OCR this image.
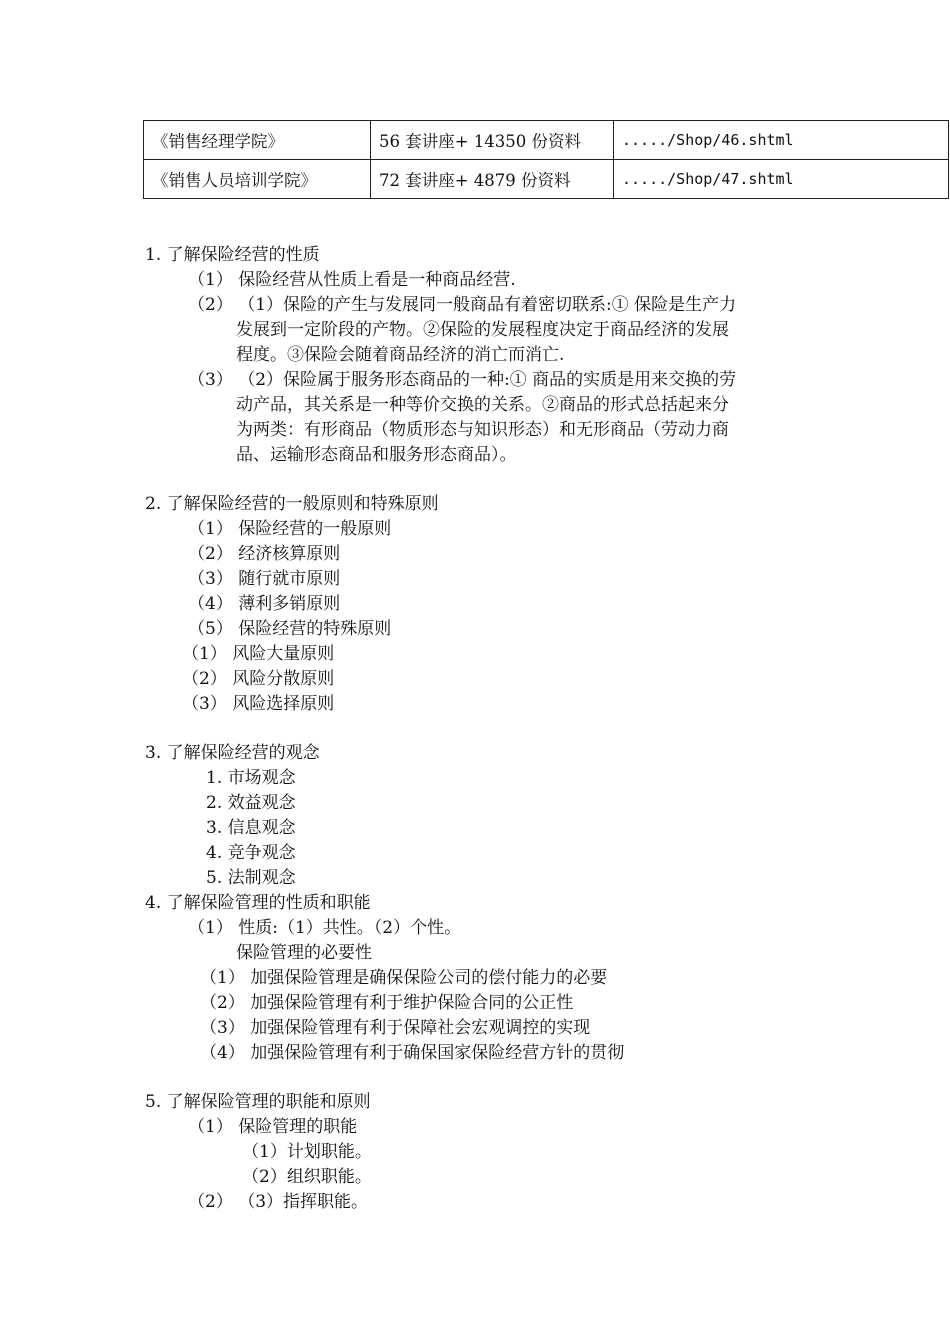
《销售经理学院》	56 套讲座+ 14350 份资料	...../Shop/46.shtml
《销售人员培训学院》	72 套讲座+ 4879 份资料	...../Shop/47.shtml
1. 了解保险经营的性质
（1） 保险经营从性质上看是一种商品经营.
（2） （1）保险的产生与发展同一般商品有着密切联系:① 保险是生产力
发展到一定阶段的产物。②保险的发展程度决定于商品经济的发展
程度。③保险会随着商品经济的消亡而消亡.
（3） （2）保险属于服务形态商品的一种:① 商品的实质是用来交换的劳
动产品，其关系是一种等价交换的关系。②商品的形式总括起来分
为两类：有形商品（物质形态与知识形态）和无形商品（劳动力商
品、运输形态商品和服务形态商品）。
2. 了解保险经营的一般原则和特殊原则
（1） 保险经营的一般原则
（2） 经济核算原则
（3） 随行就市原则
（4） 薄利多销原则
（5） 保险经营的特殊原则
（1） 风险大量原则
（2） 风险分散原则
（3） 风险选择原则
3. 了解保险经营的观念
1. 市场观念
2. 效益观念
3. 信息观念
4. 竞争观念
5. 法制观念
4. 了解保险管理的性质和职能
（1） 性质:（1）共性。（2）个性。
保险管理的必要性
（1） 加强保险管理是确保保险公司的偿付能力的必要
（2） 加强保险管理有利于维护保险合同的公正性
（3） 加强保险管理有利于保障社会宏观调控的实现
（4） 加强保险管理有利于确保国家保险经营方针的贯彻
5. 了解保险管理的职能和原则
（1） 保险管理的职能
（1）计划职能。
（2）组织职能。
（2） （3）指挥职能。
